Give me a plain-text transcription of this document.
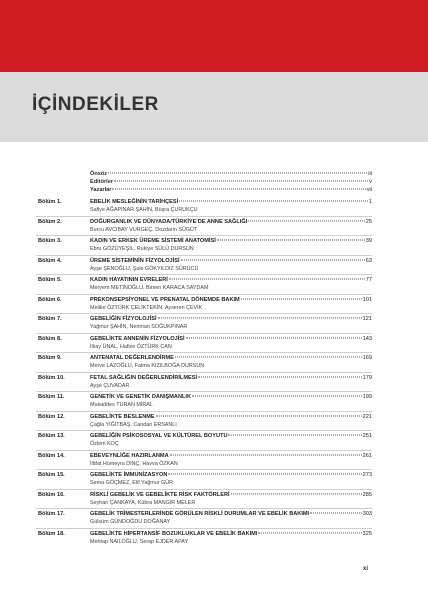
İÇİNDEKİLER
Önsöz	iii
Editörler	v
Yazarlar	vii
Bölüm 1.	EBELİK MESLEĞİNİN TARİHÇESİ	1
Safiye AĞAPINAR ŞAHİN, Büşra ÇURUKÇU
Bölüm 2.	DOĞURGANLIK VE DÜNYADA/TÜRKİYE'DE ANNE SAĞLIĞI	25
Burcu AVCIBAY VURGEÇ, Dozdarin SÜGÜT
Bölüm 3.	KADIN VE ERKEK ÜREME SİSTEMİ ANATOMİSİ	39
Ebru GÖZÜYEŞİL, Rukiye SÜLÜ DURSUN
Bölüm 4.	ÜREME SİSTEMİNİN FİZYOLOJİSİ	63
Ayşe ŞENOĞLU, Şule GÖKYILDIZ SÜRÜCÜ
Bölüm 5.	KADIN HAYATININ EVRELERİ	77
Meryem METİNOĞLU, Birsen KARACA SAYDAM
Bölüm 6.	PREKONSEPSİYONEL VE PRENATAL DÖNEMDE BAKIM	101
Melike ÖZTÜRK ÇELİKTEKİN, Ayseren ÇEVİK
Bölüm 7.	GEBELİĞİN FİZYOLOJİSİ	121
Yağmur ŞAHİN, Neriman SOĞUKPINAR
Bölüm 8.	GEBELİKTE ANNENİN FİZYOLOJİSİ	143
İlkay ÜNAL, Hafize ÖZTÜRK CAN
Bölüm 9.	ANTENATAL DEĞERLENDİRME	169
Merve LAZOĞLU, Fatma KIZILBOĞA DURSUN
Bölüm 10.	FETAL SAĞLIĞIN DEĞERLENDİRİLMESİ	179
Ayşe ÇUVADAR
Bölüm 11.	GENETİK VE GENETİK DANIŞMANLIK	199
Mukaddes TURAN MİRAL
Bölüm 12.	GEBELİKTE BESLENME	221
Çağla YİĞİTBAŞ, Candan ERSANLI
Bölüm 13.	GEBELİĞİN PSİKOSOSYAL VE KÜLTÜREL BOYUTU	251
Özlem KOÇ
Bölüm 14.	EBEVEYNLİĞE HAZIRLANMA	261
İltifat Hümeyra DİNÇ, Havva ÖZKAN
Bölüm 15.	GEBELİKTE İMMUNİZASYON	273
Sema GÖÇMEZ, Elif Yağmur GÜR
Bölüm 16.	RİSKLİ GEBELİK VE GEBELİKTE RİSK FAKTÖRLERİ	285
Seyhan ÇANKAYA, Kübra MANGIR MELER
Bölüm 17.	GEBELİK TRİMESTERLERİNDE GÖRÜLEN RİSKLİ DURUMLAR VE EBELİK BAKIMI	303
Gülsüm GÜNDOĞDU DOĞANAY
Bölüm 18.	GEBELİKTE HİPERTANSİF BOZUKLUKLAR VE EBELİK BAKIMI	325
Mehtap NAILOĞLU, Serap EJDER APAY
xi
